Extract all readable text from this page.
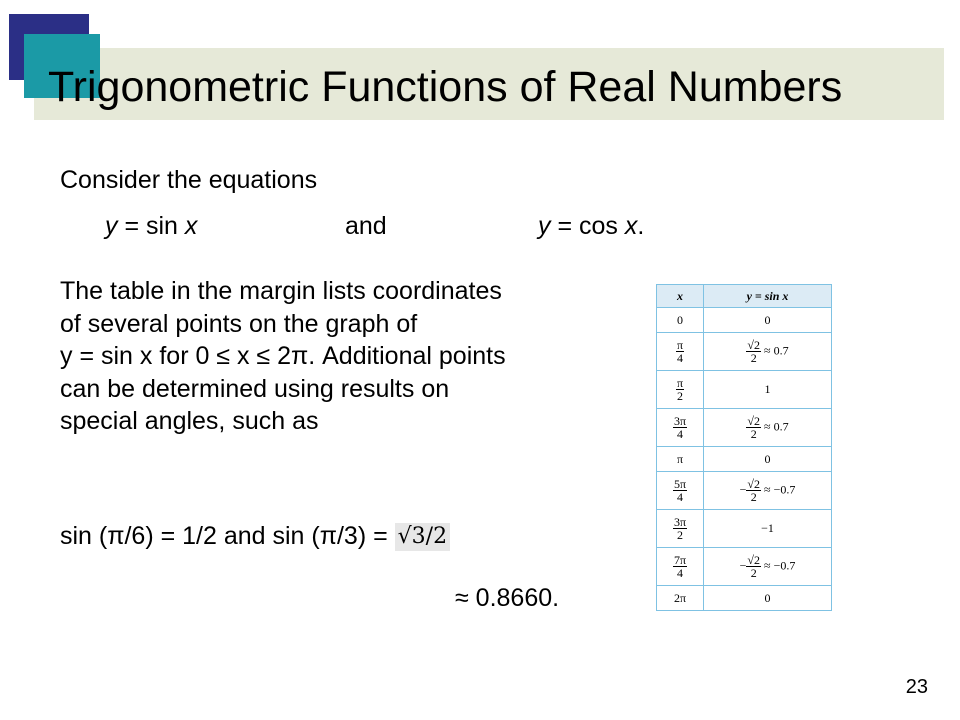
Trigonometric Functions of Real Numbers
Consider the equations
y = sin x	and	y = cos x.
The table in the margin lists coordinates
of several points on the graph of
y = sin x for 0 ≤ x ≤ 2π. Additional points
can be determined using results on
special angles, such as
sin (π/6) = 1/2 and sin (π/3) = √3/2
≈ 0.8660.
x	y = sin x
0	0

$\frac{\pi}{4}$	$\frac{√2}{2} \approx 0.7$

$\frac{\pi}{2}$	1

$\frac{3\pi}{4}$	$\frac{√2}{2} \approx 0.7$
π	0

$\frac{5\pi}{4}$	− $\frac{√2}{2} \approx -0.7$

$\frac{3\pi}{2}$	−1

$\frac{7\pi}{4}$	− $\frac{√2}{2} \approx -0.7$
2π	0
23
